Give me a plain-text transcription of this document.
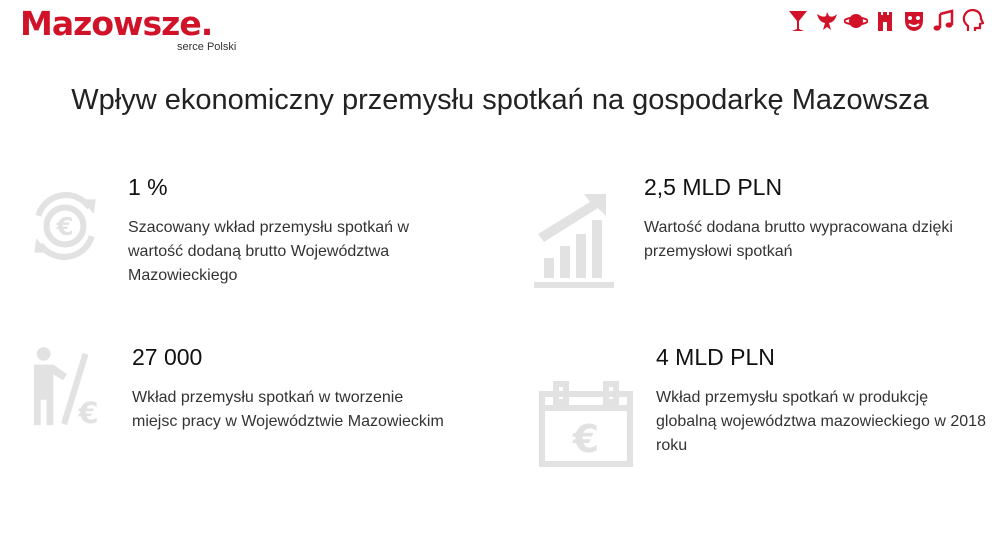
Mazowsze.
serce Polski
Wpływ ekonomiczny przemysłu spotkań na gospodarkę Mazowsza
€
€
€
1 %
Szacowany wkład przemysłu spotkań w wartość dodaną brutto Województwa Mazowieckiego
2,5 MLD PLN
Wartość dodana brutto wypracowana dzięki przemysłowi spotkań
27 000
Wkład przemysłu spotkań w tworzenie miejsc pracy w Województwie Mazowieckim
4 MLD PLN
Wkład przemysłu spotkań w produkcję globalną województwa mazowieckiego w 2018 roku
